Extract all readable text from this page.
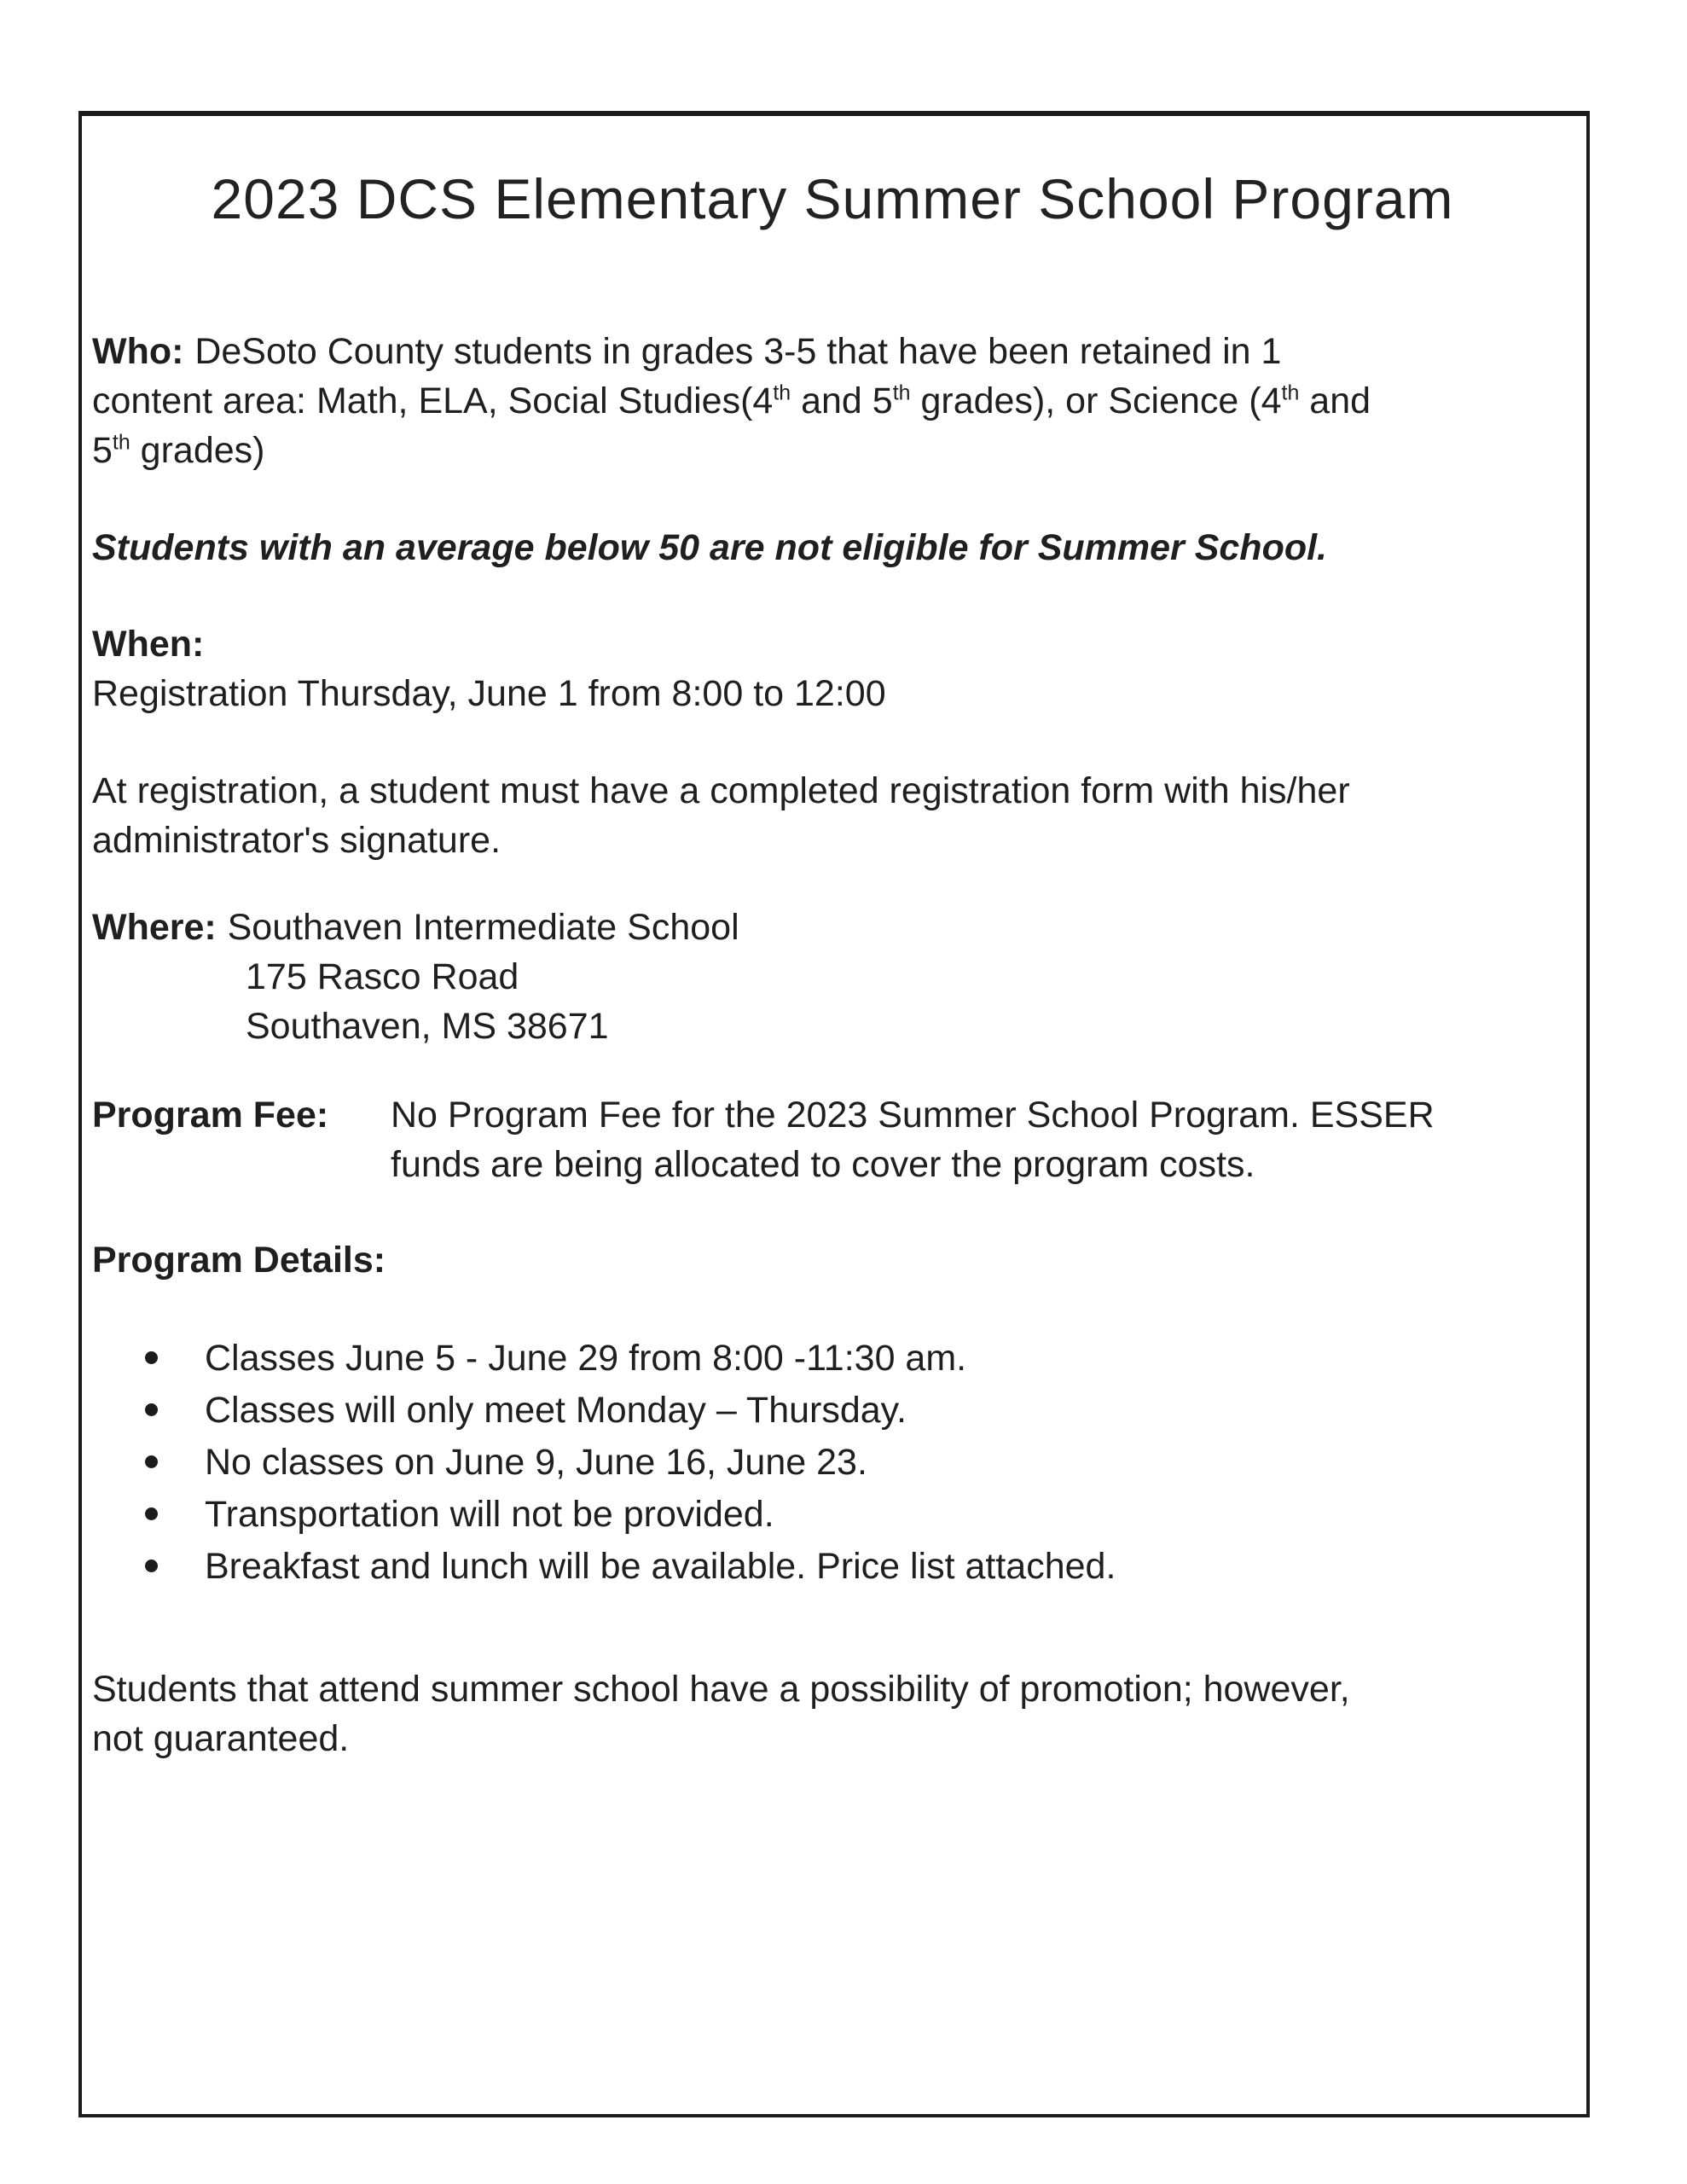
2023 DCS Elementary Summer School Program

Who: DeSoto County students in grades 3-5 that have been retained in 1
content area: Math, ELA, Social Studies(4th and 5th grades), or Science (4th and
5th grades)

Students with an average below 50 are not eligible for Summer School.

When:

Registration Thursday, June 1 from 8:00 to 12:00

At registration, a student must have a completed registration form with his/her
administrator's signature.

Where: Southaven Intermediate School
175 Rasco Road
Southaven, MS 38671
Program Fee:	No Program Fee for the 2023 Summer School Program. ESSER
funds are being allocated to cover the program costs.

Program Details:

Classes June 5 - June 29 from 8:00 -11:30 am.
Classes will only meet Monday – Thursday.
No classes on June 9, June 16, June 23.
Transportation will not be provided.
Breakfast and lunch will be available. Price list attached.

Students that attend summer school have a possibility of promotion; however,
not guaranteed.
